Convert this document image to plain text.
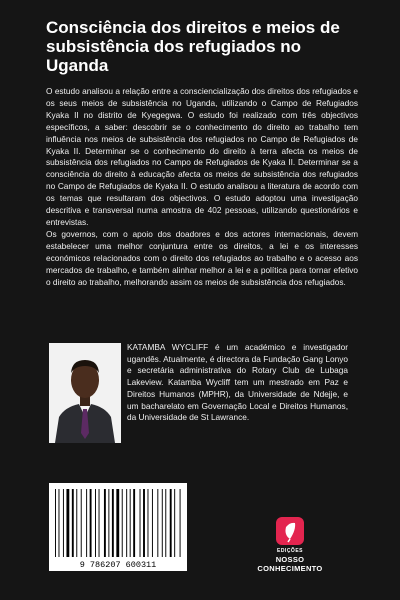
Consciência dos direitos e meios de subsistência dos refugiados no Uganda

O estudo analisou a relação entre a consciencialização dos direitos dos refugiados e os seus meios de subsistência no Uganda, utilizando o Campo de Refugiados Kyaka II no distrito de Kyegegwa. O estudo foi realizado com três objectivos específicos, a saber: descobrir se o conhecimento do direito ao trabalho tem influência nos meios de subsistência dos refugiados no Campo de Refugiados de Kyaka II. Determinar se o conhecimento do direito à terra afecta os meios de subsistência dos refugiados no Campo de Refugiados de Kyaka II. Determinar se a consciência do direito à educação afecta os meios de subsistência dos refugiados no Campo de Refugiados de Kyaka II. O estudo analisou a literatura de acordo com os temas que resultaram dos objectivos. O estudo adoptou uma investigação descritiva e transversal numa amostra de 402 pessoas, utilizando questionários e entrevistas.

Os governos, com o apoio dos doadores e dos actores internacionais, devem estabelecer uma melhor conjuntura entre os direitos, a lei e os interesses económicos relacionados com o direito dos refugiados ao trabalho e o acesso aos mercados de trabalho, e também alinhar melhor a lei e a política para tornar efetivo o direito ao trabalho, melhorando assim os meios de subsistência dos refugiados.

KATAMBA WYCLIFF é um académico e investigador ugandês. Atualmente, é directora da Fundação Gang Lonyo e secretária administrativa do Rotary Club de Lubaga Lakeview. Katamba Wycliff tem um mestrado em Paz e Direitos Humanos (MPHR), da Universidade de Ndejje, e um bacharelato em Governação Local e Direitos Humanos, da Universidade de St Lawrance.
9 786207 600311
EDIÇÕES
NOSSO CONHECIMENTO
